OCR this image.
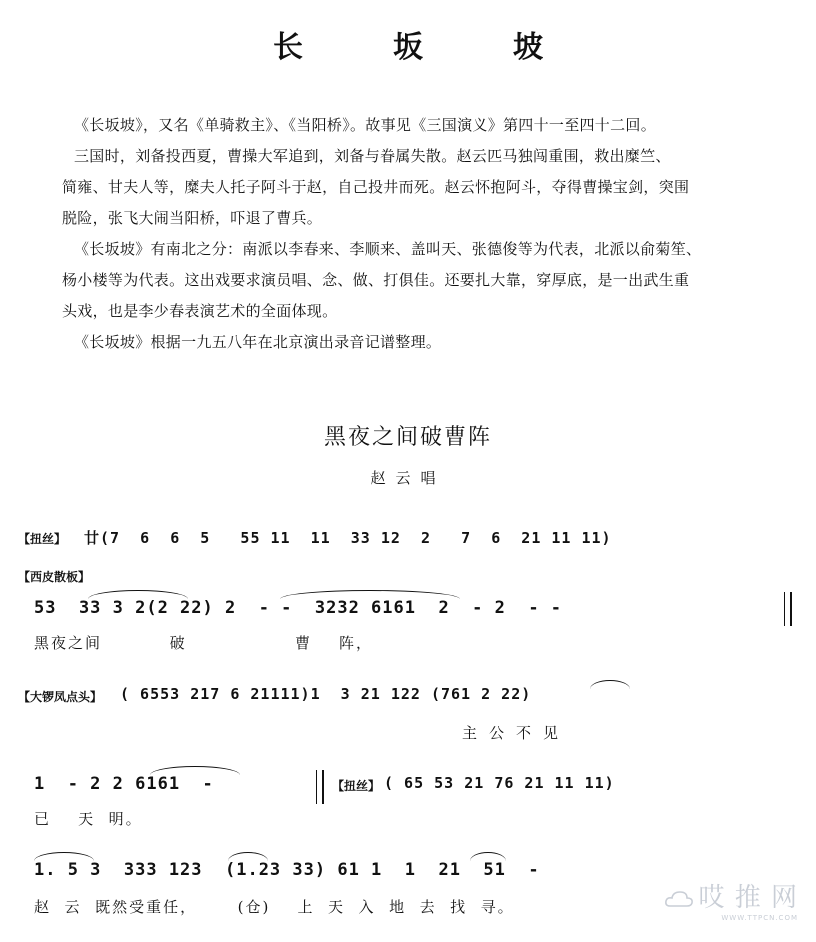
长　坂　坡

《长坂坡》，又名《单骑救主》、《当阳桥》。故事见《三国演义》第四十一至四十二回。

三国时，刘备投西夏，曹操大军追到，刘备与眷属失散。赵云匹马独闯重围，救出糜竺、

简雍、甘夫人等，糜夫人托子阿斗于赵，自己投井而死。赵云怀抱阿斗，夺得曹操宝剑，突围

脱险，张飞大闹当阳桥，吓退了曹兵。

《长坂坡》有南北之分：南派以李春来、李顺来、盖叫天、张德俊等为代表，北派以俞菊笙、

杨小楼等为代表。这出戏要求演员唱、念、做、打俱佳。还要扎大靠，穿厚底，是一出武生重

头戏，也是李少春表演艺术的全面体现。

《长坂坡》根据一九五八年在北京演出录音记谱整理。

黑夜之间破曹阵
赵云唱
【扭丝】 廿(7  6  6  5   55 11  11  33 12  2   7  6  21 11 11)
【西皮散板】
53  33 3 2(2 22) 2  - -  3232 6161  2  - 2  - -
黑夜之间          破                曹    阵，
【大锣凤点头】 ( 6553 217 6 21111)1  3 21 122 (761 2 22)
主公不见
1  - 2 2 6161  -	【扭丝】 ( 65 53 21 76 21 11 11)
已    天  明。
1. 5 3  333 123  (1.23 33) 61 1  1  21  51  -
赵  云  既然受重任，      (仓)    上  天  入  地  去  找  寻。	哎 推 网
WWW.TTPCN.COM
